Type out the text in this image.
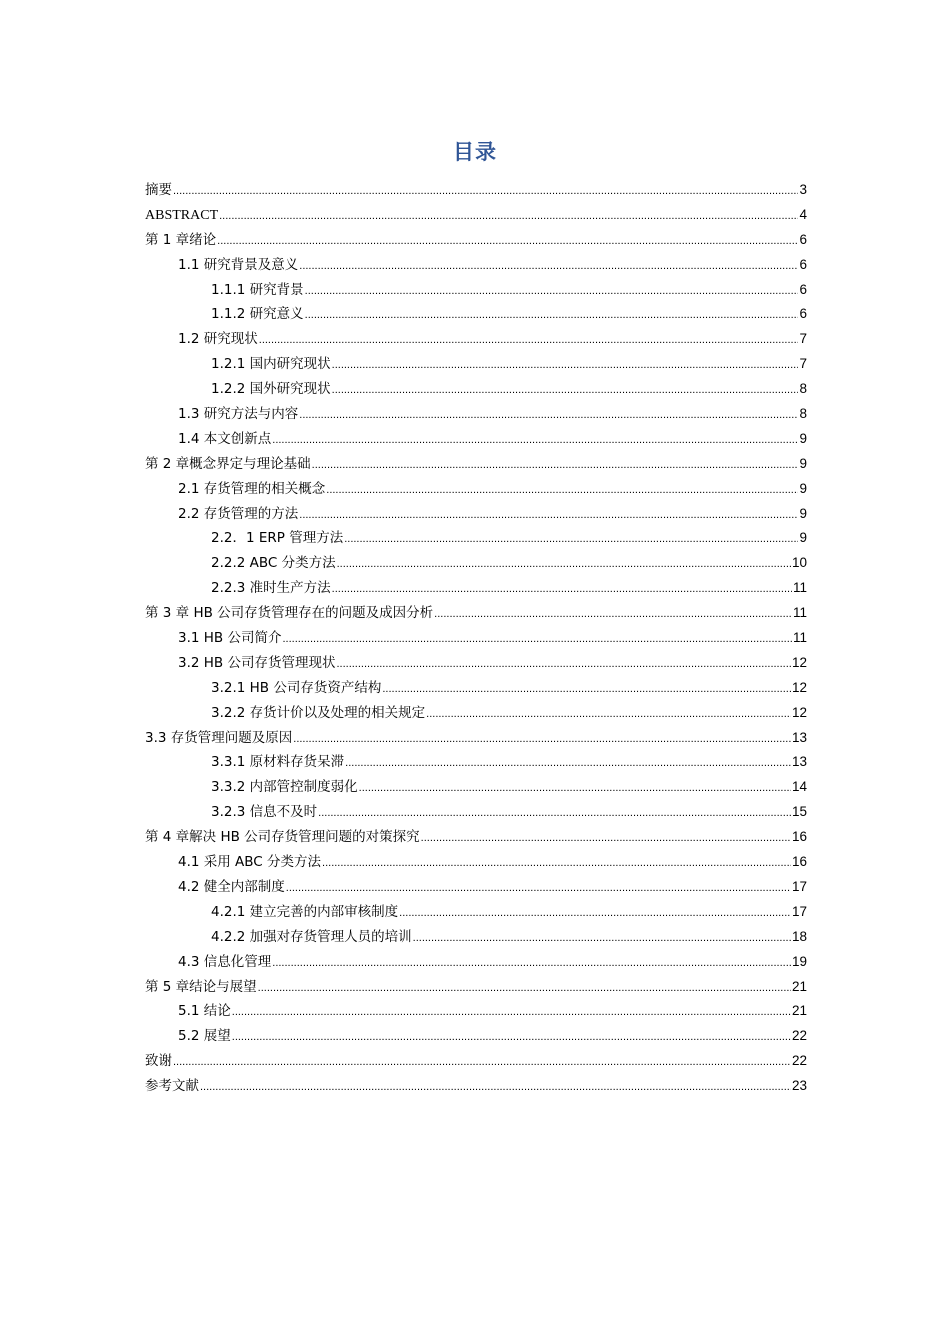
目录
摘要 .....	3
ABSTRACT .....	4
第 1 章绪论 .....	6
1.1 研究背景及意义 .....	6
1.1.1 研究背景 .....	6
1.1.2 研究意义 .....	6
1.2 研究现状 .....	7
1.2.1 国内研究现状 .....	7
1.2.2 国外研究现状 .....	8
1.3 研究方法与内容 .....	8
1.4 本文创新点 .....	9
第 2 章概念界定与理论基础 .....	9
2.1 存货管理的相关概念 .....	9
2.2 存货管理的方法 .....	9
2.2．1 ERP 管理方法 .....	9
2.2.2 ABC 分类方法 .....	10
2.2.3 准时生产方法 .....	11
第 3 章 HB 公司存货管理存在的问题及成因分析 .....	11
3.1 HB 公司简介 .....	11
3.2 HB 公司存货管理现状 .....	12
3.2.1 HB 公司存货资产结构 .....	12
3.2.2 存货计价以及处理的相关规定 .....	12
3.3 存货管理问题及原因 .....	13
3.3.1 原材料存货呆滞 .....	13
3.3.2 内部管控制度弱化 .....	14
3.2.3 信息不及时 .....	15
第 4 章解决 HB 公司存货管理问题的对策探究 .....	16
4.1 采用 ABC 分类方法 .....	16
4.2 健全内部制度 .....	17
4.2.1 建立完善的内部审核制度 .....	17
4.2.2 加强对存货管理人员的培训 .....	18
4.3 信息化管理 .....	19
第 5 章结论与展望 .....	21
5.1 结论 .....	21
5.2 展望 .....	22
致谢 .....	22
参考文献 .....	23
